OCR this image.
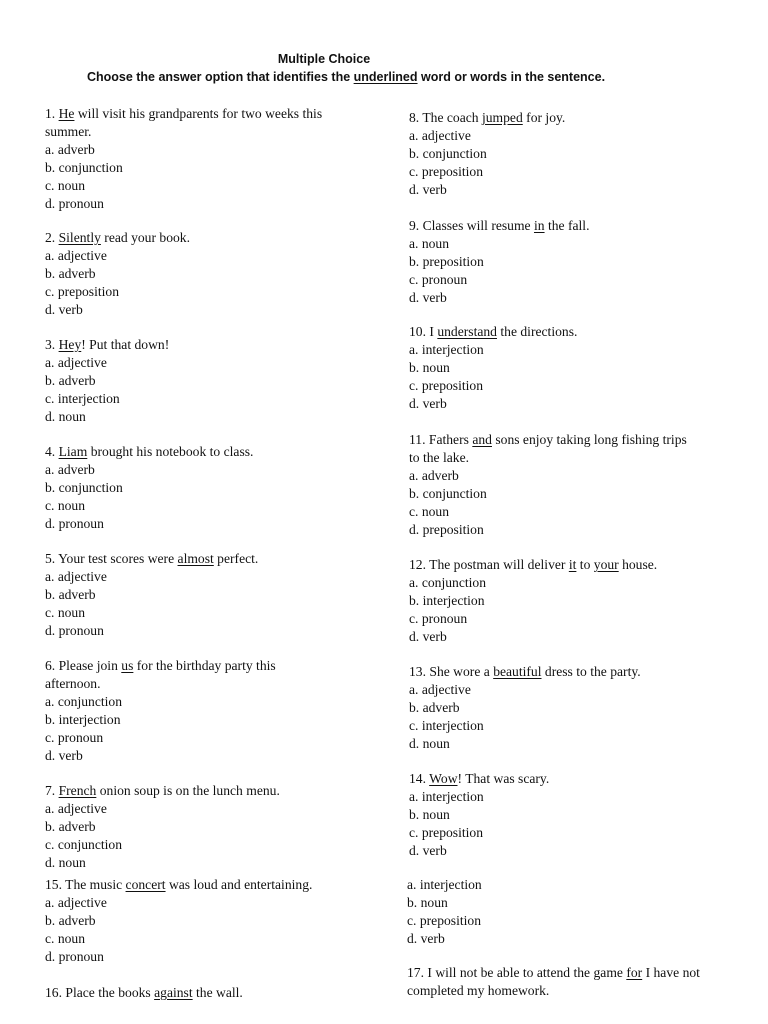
Multiple Choice
Choose the answer option that identifies the underlined word or words in the sentence.

1. He will visit his grandparents for two weeks this summer.

a. adverb

b. conjunction

c. noun

d. pronoun

2. Silently read your book.

a. adjective

b. adverb

c. preposition

d. verb

3. Hey! Put that down!

a. adjective

b. adverb

c. interjection

d. noun

4. Liam brought his notebook to class.

a. adverb

b. conjunction

c. noun

d. pronoun

5. Your test scores were almost perfect.

a. adjective

b. adverb

c. noun

d. pronoun

6. Please join us for the birthday party this afternoon.

a. conjunction

b. interjection

c. pronoun

d. verb

7. French onion soup is on the lunch menu.

a. adjective

b. adverb

c. conjunction

d. noun

8. The coach jumped for joy.

a. adjective

b. conjunction

c. preposition

d. verb

9. Classes will resume in the fall.

a. noun

b. preposition

c. pronoun

d. verb

10. I understand the directions.

a. interjection

b. noun

c. preposition

d. verb

11. Fathers and sons enjoy taking long fishing trips to the lake.

a. adverb

b. conjunction

c. noun

d. preposition

12. The postman will deliver it to your house.

a. conjunction

b. interjection

c. pronoun

d. verb

13. She wore a beautiful dress to the party.

a. adjective

b. adverb

c. interjection

d. noun

14. Wow! That was scary.

a. interjection

b. noun

c. preposition

d. verb

15. The music concert was loud and entertaining.

a. adjective

b. adverb

c. noun

d. pronoun

16. Place the books against the wall.

a. interjection

b. noun

c. preposition

d. verb

17. I will not be able to attend the game for I have not completed my homework.
